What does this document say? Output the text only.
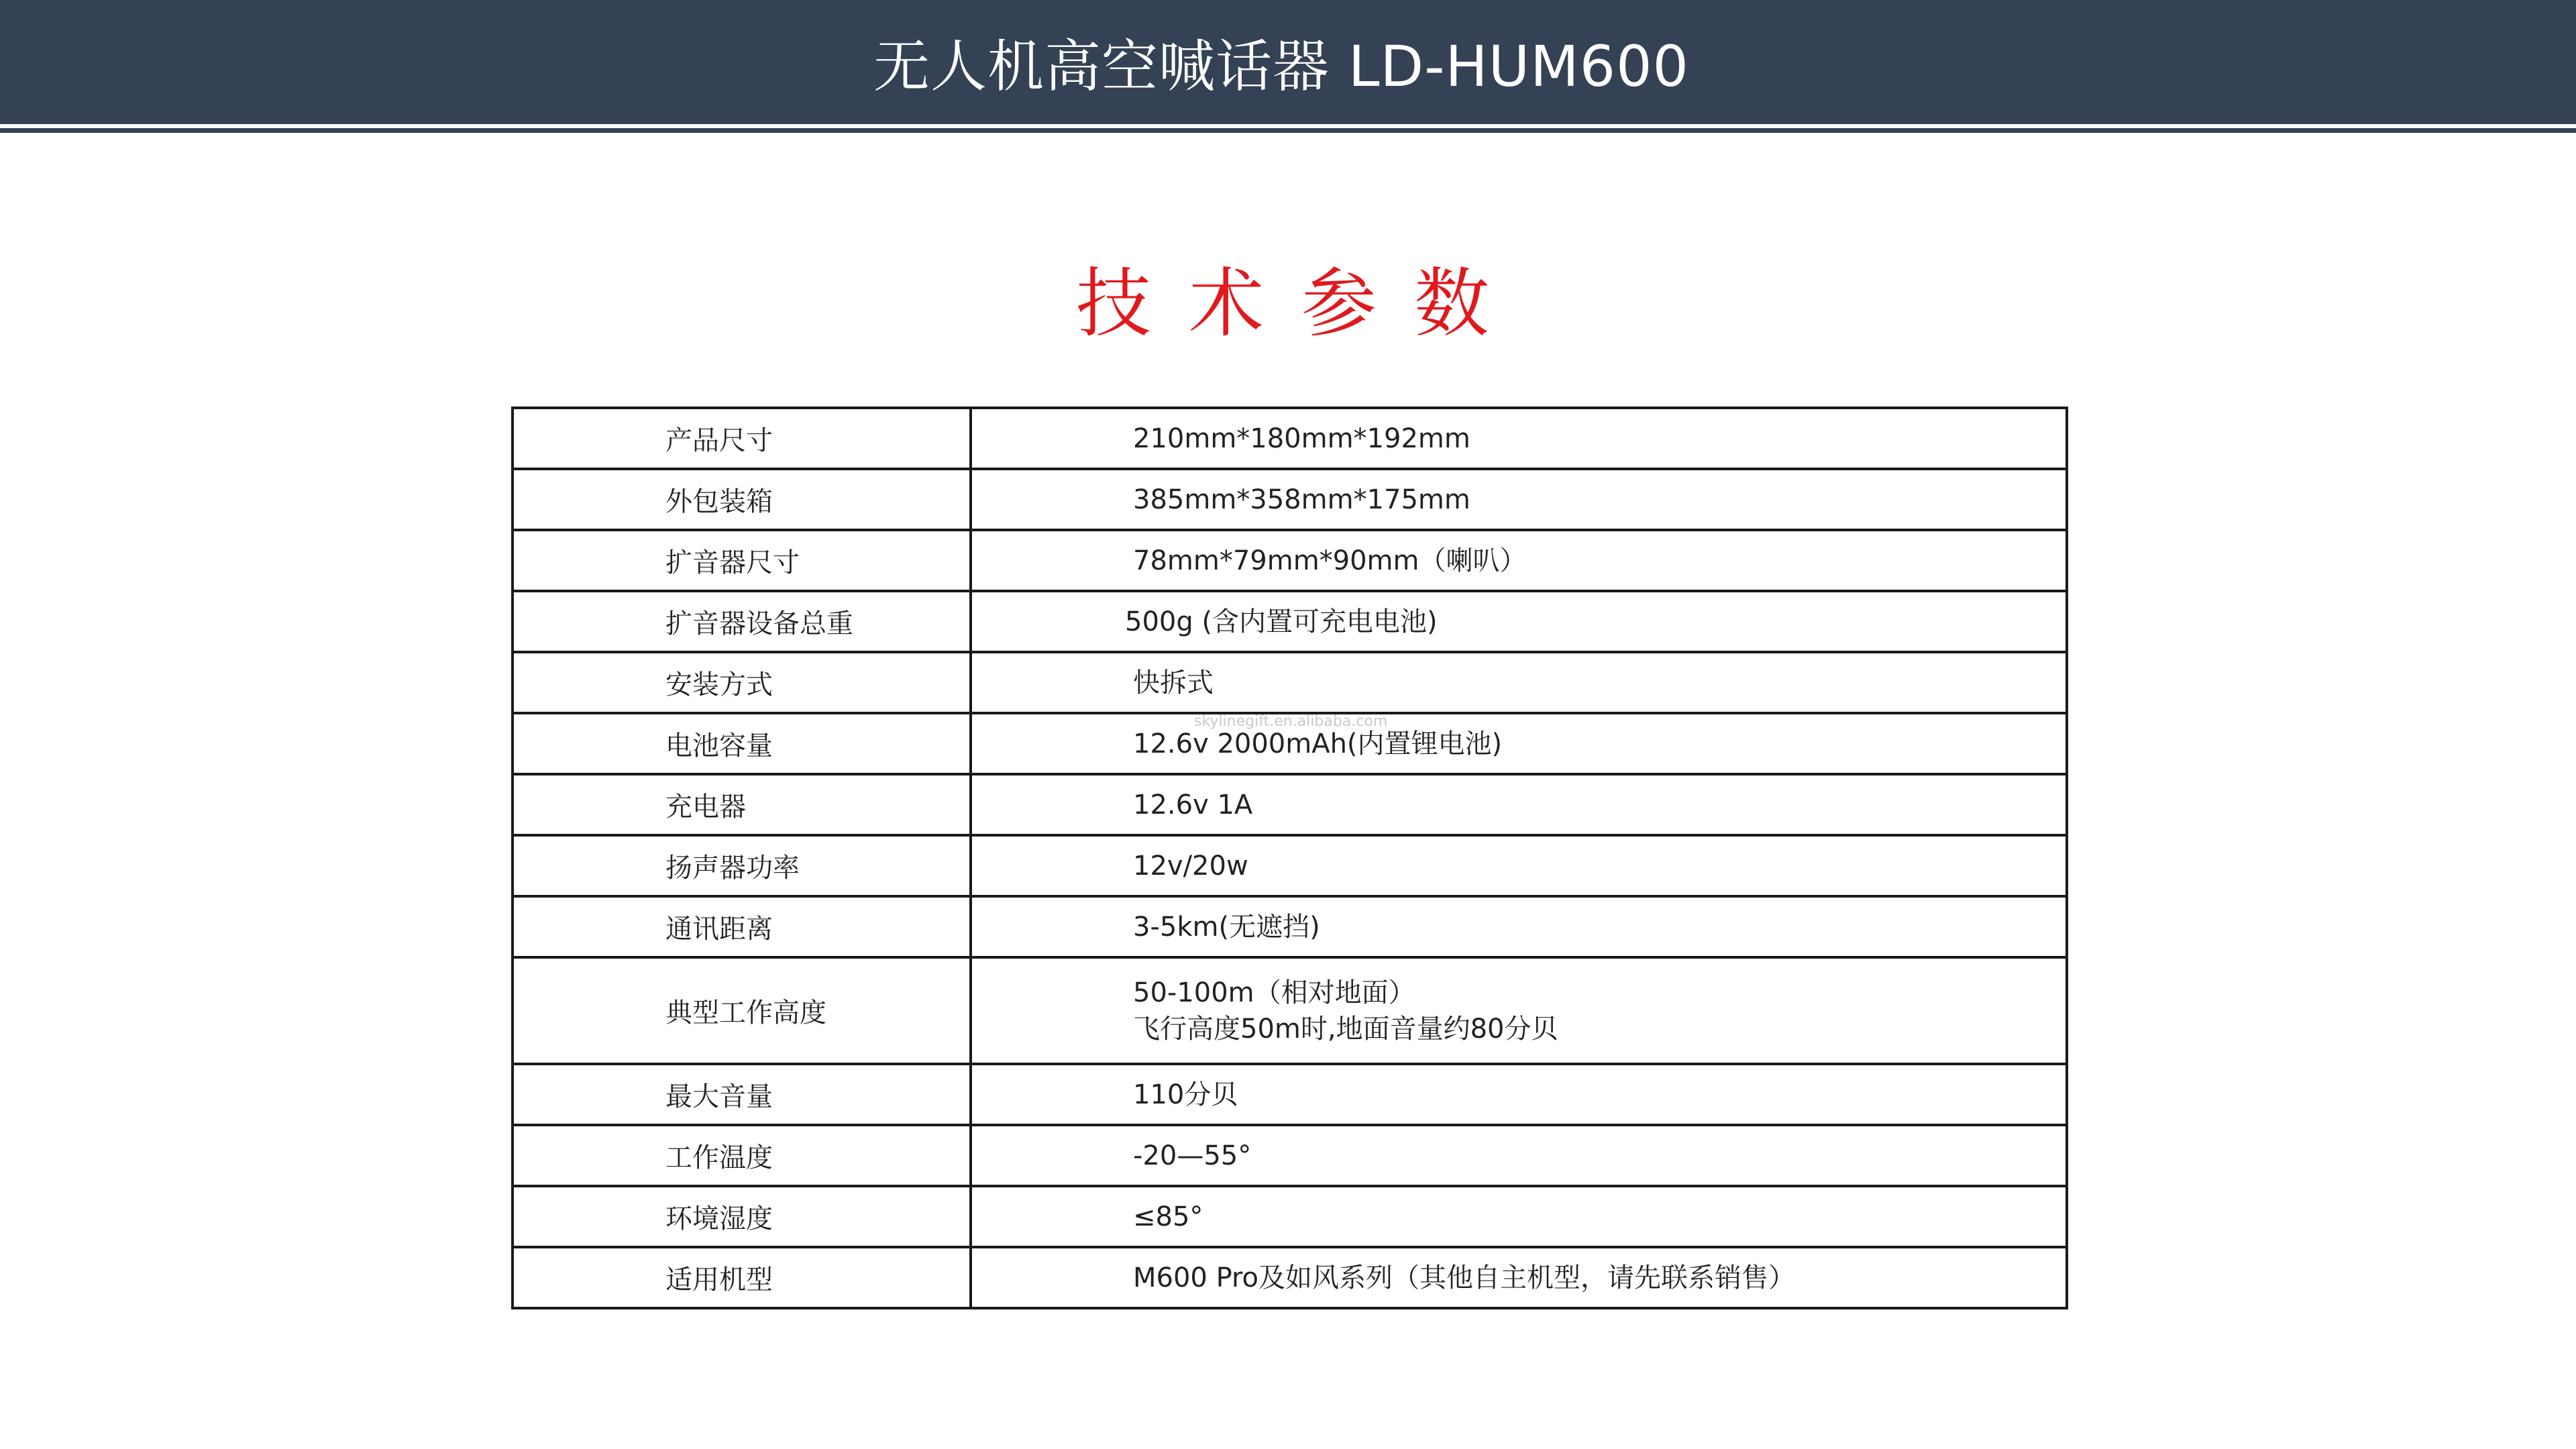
无人机高空喊话器 LD-HUM600
技术参数
产品尺寸	210mm*180mm*192mm
外包装箱	385mm*358mm*175mm
扩音器尺寸	78mm*79mm*90mm（喇叭）
扩音器设备总重	500g (含内置可充电电池)
安装方式	快拆式
电池容量	12.6v 2000mAh(内置锂电池)
充电器	12.6v 1A
扬声器功率	12v/20w
通讯距离	3-5km(无遮挡)
典型工作高度	50-100m（相对地面）
飞行高度50m时,地面音量约80分贝

最大音量	110分贝
工作温度	-20—55°
环境湿度	≤85°
适用机型	M600 Pro及如风系列（其他自主机型，请先联系销售）
skylinegift.en.alibaba.com
